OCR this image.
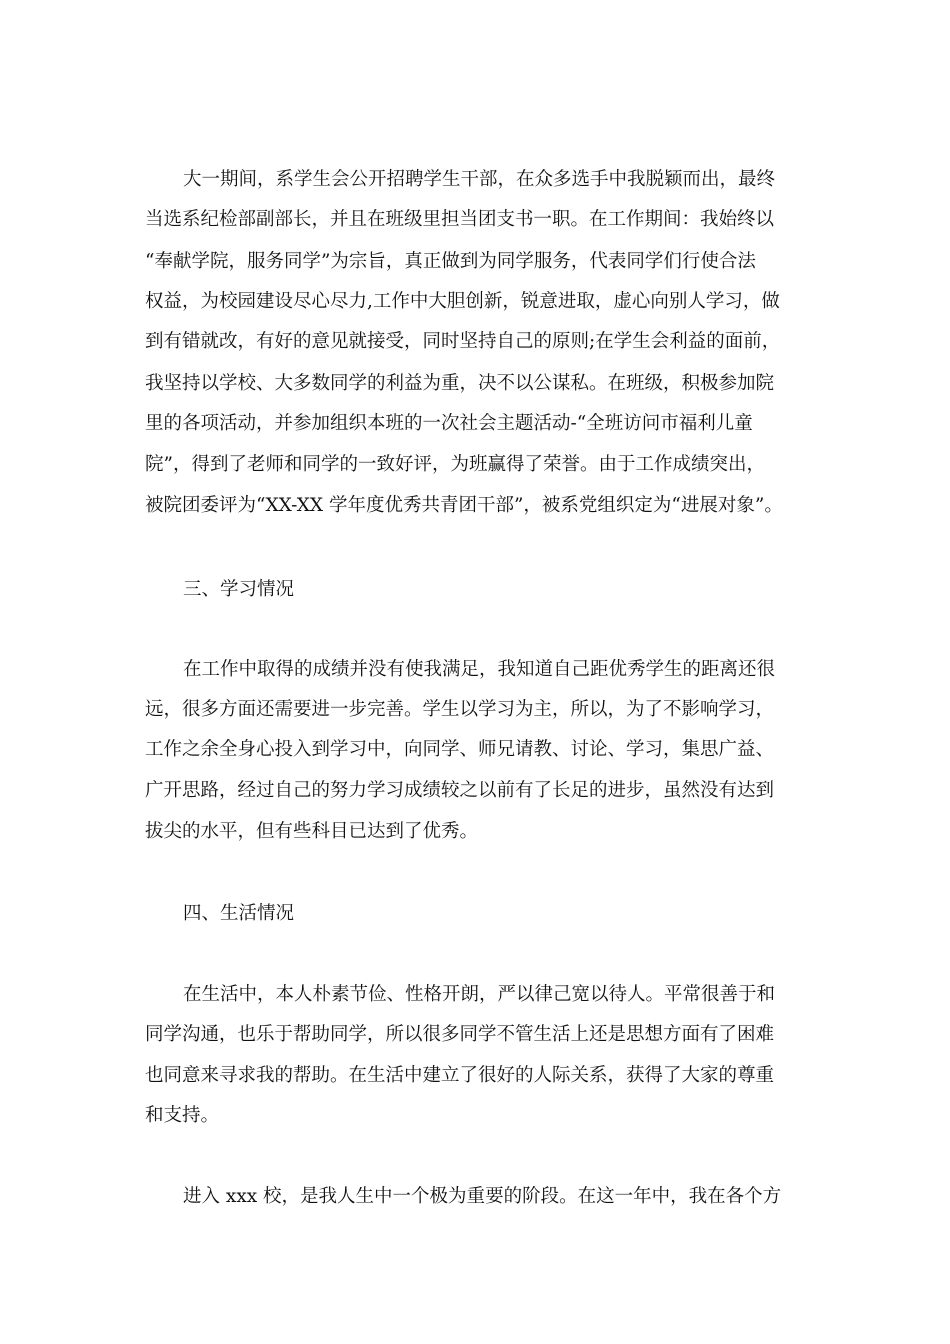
大一期间，系学生会公开招聘学生干部，在众多选手中我脱颖而出，最终

当选系纪检部副部长，并且在班级里担当团支书一职。在工作期间：我始终以

“奉献学院，服务同学”为宗旨，真正做到为同学服务，代表同学们行使合法

权益，为校园建设尽心尽力,工作中大胆创新，锐意进取，虚心向别人学习，做

到有错就改，有好的意见就接受，同时坚持自己的原则;在学生会利益的面前，

我坚持以学校、大多数同学的利益为重，决不以公谋私。在班级，积极参加院

里的各项活动，并参加组织本班的一次社会主题活动-“全班访问市福利儿童

院”，得到了老师和同学的一致好评，为班赢得了荣誉。由于工作成绩突出，

被院团委评为“XX-XX 学年度优秀共青团干部”，被系党组织定为“进展对象”。

三、学习情况

在工作中取得的成绩并没有使我满足，我知道自己距优秀学生的距离还很

远，很多方面还需要进一步完善。学生以学习为主，所以，为了不影响学习，

工作之余全身心投入到学习中，向同学、师兄请教、讨论、学习，集思广益、

广开思路，经过自己的努力学习成绩较之以前有了长足的进步，虽然没有达到

拔尖的水平，但有些科目已达到了优秀。

四、生活情况

在生活中，本人朴素节俭、性格开朗，严以律己宽以待人。平常很善于和

同学沟通，也乐于帮助同学，所以很多同学不管生活上还是思想方面有了困难

也同意来寻求我的帮助。在生活中建立了很好的人际关系，获得了大家的尊重

和支持。

进入 xxx 校，是我人生中一个极为重要的阶段。在这一年中，我在各个方
